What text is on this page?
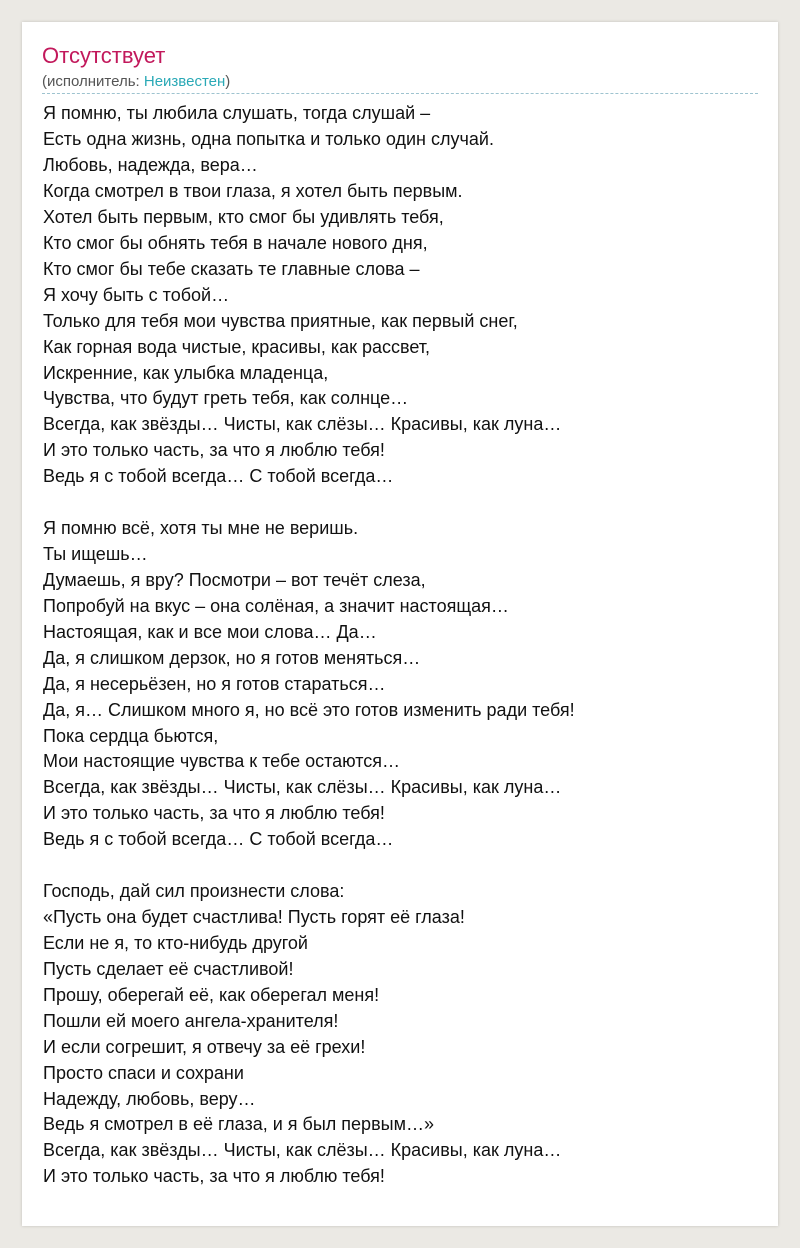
Отсутствует
(исполнитель: Неизвестен)
Я помню, ты любила слушать, тогда слушай –
Есть одна жизнь, одна попытка и только один случай.
Любовь, надежда, вера…
Когда смотрел в твои глаза, я хотел быть первым.
Хотел быть первым, кто смог бы удивлять тебя,
Кто смог бы обнять тебя в начале нового дня,
Кто смог бы тебе сказать те главные слова –
Я хочу быть с тобой…
Только для тебя мои чувства приятные, как первый снег,
Как горная вода чистые, красивы, как рассвет,
Искренние, как улыбка младенца,
Чувства, что будут греть тебя, как солнце…
Всегда, как звёзды… Чисты, как слёзы… Красивы, как луна…
И это только часть, за что я люблю тебя!
Ведь я с тобой всегда… С тобой всегда…
Я помню всё, хотя ты мне не веришь.
Ты ищешь…
Думаешь, я вру? Посмотри – вот течёт слеза,
Попробуй на вкус – она солёная, а значит настоящая…
Настоящая, как и все мои слова… Да…
Да, я слишком дерзок, но я готов меняться…
Да, я несерьёзен, но я готов стараться…
Да, я… Слишком много я, но всё это готов изменить ради тебя!
Пока сердца бьются,
Мои настоящие чувства к тебе остаются…
Всегда, как звёзды… Чисты, как слёзы… Красивы, как луна…
И это только часть, за что я люблю тебя!
Ведь я с тобой всегда… С тобой всегда…
Господь, дай сил произнести слова:
«Пусть она будет счастлива! Пусть горят её глаза!
Если не я, то кто-нибудь другой
Пусть сделает её счастливой!
Прошу, оберегай её, как оберегал меня!
Пошли ей моего ангела-хранителя!
И если согрешит, я отвечу за её грехи!
Просто спаси и сохрани
Надежду, любовь, веру…
Ведь я смотрел в её глаза, и я был первым…»
Всегда, как звёзды… Чисты, как слёзы… Красивы, как луна…
И это только часть, за что я люблю тебя!
